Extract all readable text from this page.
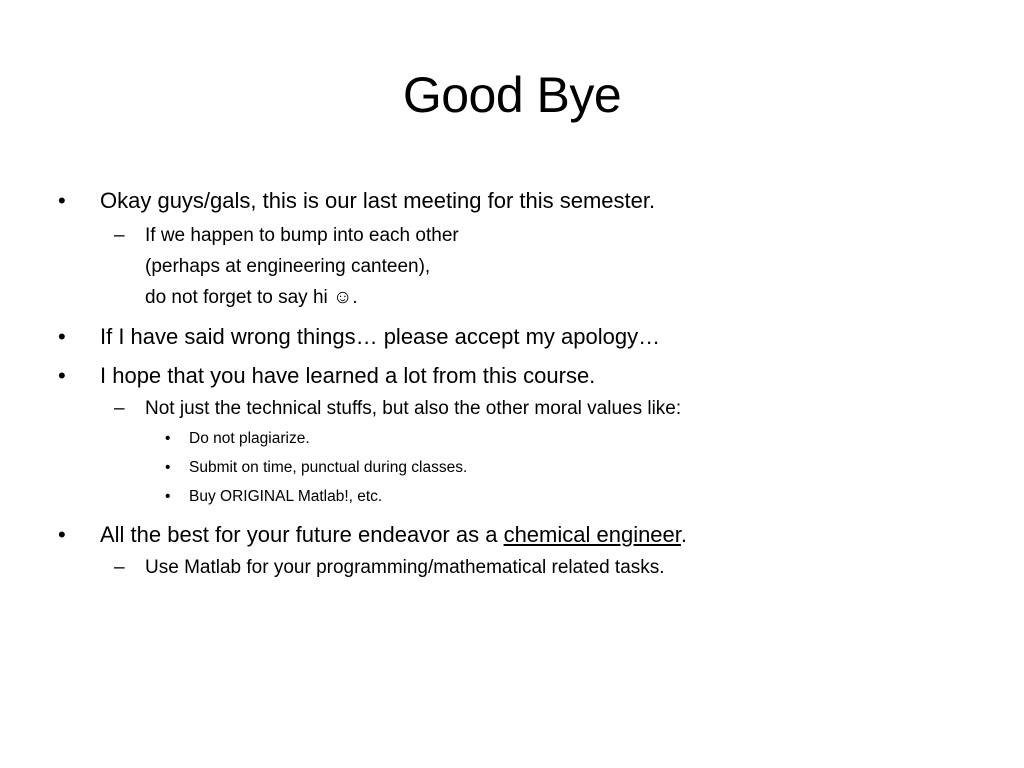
Good Bye
• Okay guys/gals, this is our last meeting for this semester.
– If we happen to bump into each other
(perhaps at engineering canteen),
do not forget to say hi ☺.
• If I have said wrong things… please accept my apology…
• I hope that you have learned a lot from this course.
– Not just the technical stuffs, but also the other moral values like:
• Do not plagiarize.
• Submit on time, punctual during classes.
• Buy ORIGINAL Matlab!, etc.
• All the best for your future endeavor as a chemical engineer.
– Use Matlab for your programming/mathematical related tasks.
